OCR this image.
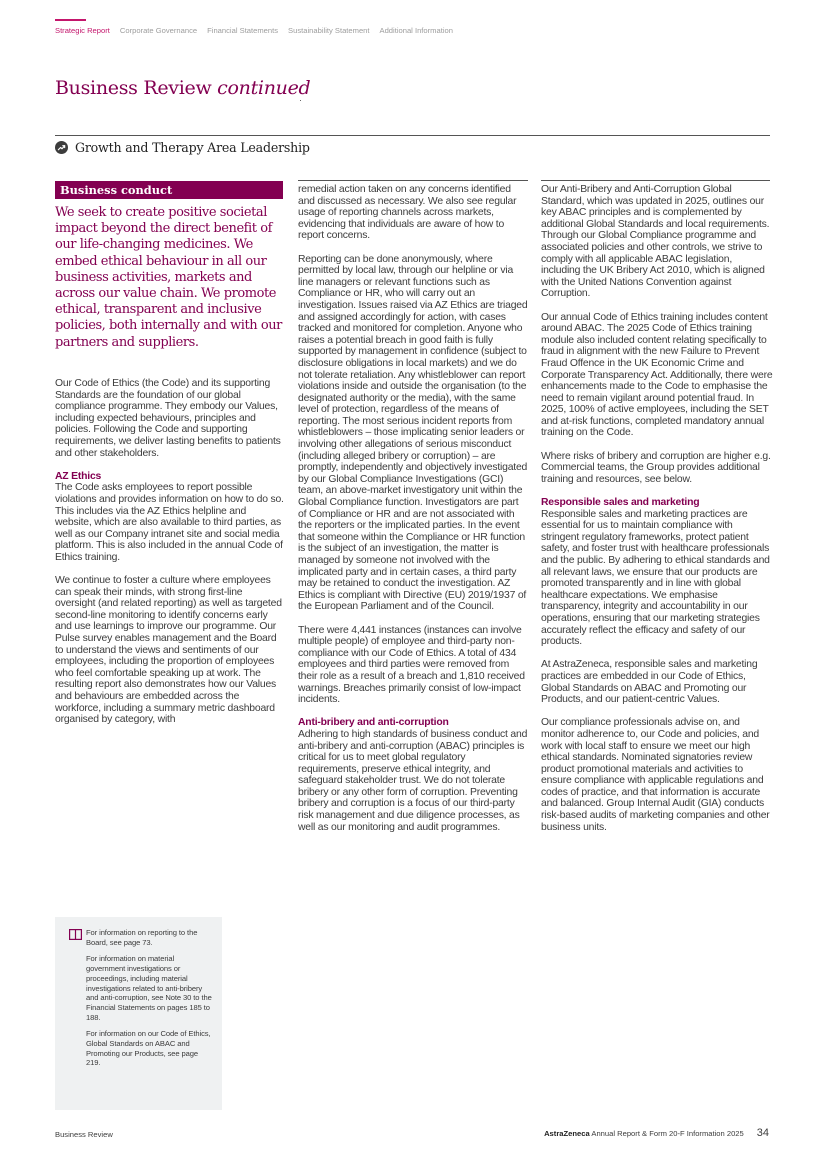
Strategic Report Corporate Governance Financial Statements Sustainability Statement Additional Information
Business Review continued
Growth and Therapy Area Leadership
Business conduct

We seek to create positive societal impact beyond the direct benefit of our life-changing medicines. We embed ethical behaviour in all our business activities, markets and across our value chain. We promote ethical, transparent and inclusive policies, both internally and with our partners and suppliers.

Our Code of Ethics (the Code) and its supporting Standards are the foundation of our global compliance programme. They embody our Values, including expected behaviours, principles and policies. Following the Code and supporting requirements, we deliver lasting benefits to patients and other stakeholders.

AZ Ethics

The Code asks employees to report possible violations and provides information on how to do so. This includes via the AZ Ethics helpline and website, which are also available to third parties, as well as our Company intranet site and social media platform. This is also included in the annual Code of Ethics training.

We continue to foster a culture where employees can speak their minds, with strong first-line oversight (and related reporting) as well as targeted second-line monitoring to identify concerns early and use learnings to improve our programme. Our Pulse survey enables management and the Board to understand the views and sentiments of our employees, including the proportion of employees who feel comfortable speaking up at work. The resulting report also demonstrates how our Values and behaviours are embedded across the workforce, including a summary metric dashboard organised by category, with

For information on reporting to the Board, see page 73.

For information on material government investigations or proceedings, including material investigations related to anti-bribery and anti-corruption, see Note 30 to the Financial Statements on pages 185 to 188.

For information on our Code of Ethics, Global Standards on ABAC and Promoting our Products, see page 219.

remedial action taken on any concerns identified and discussed as necessary. We also see regular usage of reporting channels across markets, evidencing that individuals are aware of how to report concerns.

Reporting can be done anonymously, where permitted by local law, through our helpline or via line managers or relevant functions such as Compliance or HR, who will carry out an investigation. Issues raised via AZ Ethics are triaged and assigned accordingly for action, with cases tracked and monitored for completion. Anyone who raises a potential breach in good faith is fully supported by management in confidence (subject to disclosure obligations in local markets) and we do not tolerate retaliation. Any whistleblower can report violations inside and outside the organisation (to the designated authority or the media), with the same level of protection, regardless of the means of reporting. The most serious incident reports from whistleblowers – those implicating senior leaders or involving other allegations of serious misconduct (including alleged bribery or corruption) – are promptly, independently and objectively investigated by our Global Compliance Investigations (GCI) team, an above-market investigatory unit within the Global Compliance function. Investigators are part of Compliance or HR and are not associated with the reporters or the implicated parties. In the event that someone within the Compliance or HR function is the subject of an investigation, the matter is managed by someone not involved with the implicated party and in certain cases, a third party may be retained to conduct the investigation. AZ Ethics is compliant with Directive (EU) 2019/1937 of the European Parliament and of the Council.

There were 4,441 instances (instances can involve multiple people) of employee and third-party non-compliance with our Code of Ethics. A total of 434 employees and third parties were removed from their role as a result of a breach and 1,810 received warnings. Breaches primarily consist of low-impact incidents.

Anti-bribery and anti-corruption

Adhering to high standards of business conduct and anti-bribery and anti-corruption (ABAC) principles is critical for us to meet global regulatory requirements, preserve ethical integrity, and safeguard stakeholder trust. We do not tolerate bribery or any other form of corruption. Preventing bribery and corruption is a focus of our third-party risk management and due diligence processes, as well as our monitoring and audit programmes.

Our Anti-Bribery and Anti-Corruption Global Standard, which was updated in 2025, outlines our key ABAC principles and is complemented by additional Global Standards and local requirements. Through our Global Compliance programme and associated policies and other controls, we strive to comply with all applicable ABAC legislation, including the UK Bribery Act 2010, which is aligned with the United Nations Convention against Corruption.

Our annual Code of Ethics training includes content around ABAC. The 2025 Code of Ethics training module also included content relating specifically to fraud in alignment with the new Failure to Prevent Fraud Offence in the UK Economic Crime and Corporate Transparency Act. Additionally, there were enhancements made to the Code to emphasise the need to remain vigilant around potential fraud. In 2025, 100% of active employees, including the SET and at-risk functions, completed mandatory annual training on the Code.

Where risks of bribery and corruption are higher e.g. Commercial teams, the Group provides additional training and resources, see below.

Responsible sales and marketing

Responsible sales and marketing practices are essential for us to maintain compliance with stringent regulatory frameworks, protect patient safety, and foster trust with healthcare professionals and the public. By adhering to ethical standards and all relevant laws, we ensure that our products are promoted transparently and in line with global healthcare expectations. We emphasise transparency, integrity and accountability in our operations, ensuring that our marketing strategies accurately reflect the efficacy and safety of our products.

At AstraZeneca, responsible sales and marketing practices are embedded in our Code of Ethics, Global Standards on ABAC and Promoting our Products, and our patient-centric Values.

Our compliance professionals advise on, and monitor adherence to, our Code and policies, and work with local staff to ensure we meet our high ethical standards. Nominated signatories review product promotional materials and activities to ensure compliance with applicable regulations and codes of practice, and that information is accurate and balanced. Group Internal Audit (GIA) conducts risk-based audits of marketing companies and other business units.

Business Review	AstraZeneca Annual Report & Form 20-F Information 2025 34
